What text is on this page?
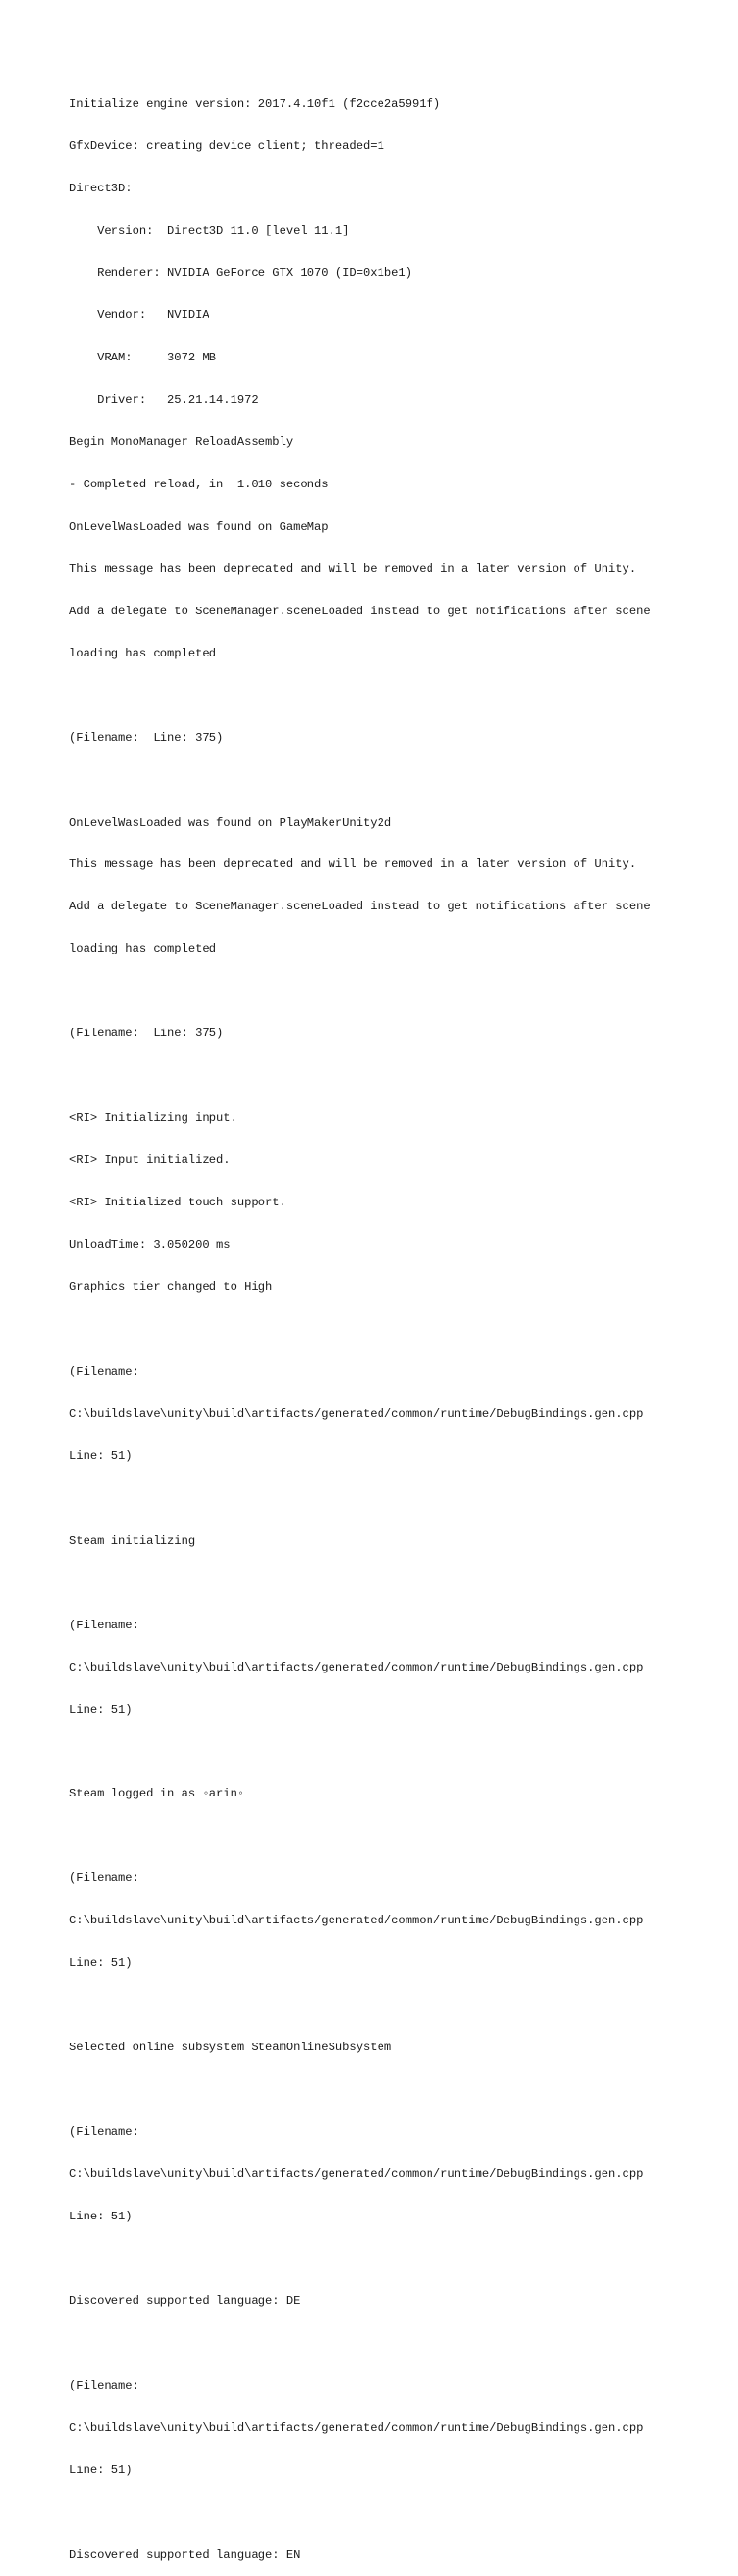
Initialize engine version: 2017.4.10f1 (f2cce2a5991f)

GfxDevice: creating device client; threaded=1

Direct3D:

Version:  Direct3D 11.0 [level 11.1]

Renderer: NVIDIA GeForce GTX 1070 (ID=0x1be1)

Vendor:   NVIDIA

VRAM:     3072 MB

Driver:   25.21.14.1972

Begin MonoManager ReloadAssembly

- Completed reload, in  1.010 seconds

OnLevelWasLoaded was found on GameMap

This message has been deprecated and will be removed in a later version of Unity.

Add a delegate to SceneManager.sceneLoaded instead to get notifications after scene

loading has completed

(Filename:  Line: 375)

OnLevelWasLoaded was found on PlayMakerUnity2d

This message has been deprecated and will be removed in a later version of Unity.

Add a delegate to SceneManager.sceneLoaded instead to get notifications after scene

loading has completed

(Filename:  Line: 375)

<RI> Initializing input.

<RI> Input initialized.

<RI> Initialized touch support.

UnloadTime: 3.050200 ms

Graphics tier changed to High

(Filename:

C:\buildslave\unity\build\artifacts/generated/common/runtime/DebugBindings.gen.cpp

Line: 51)

Steam initializing

(Filename:

C:\buildslave\unity\build\artifacts/generated/common/runtime/DebugBindings.gen.cpp

Line: 51)

Steam logged in as ◦arin◦

(Filename:

C:\buildslave\unity\build\artifacts/generated/common/runtime/DebugBindings.gen.cpp

Line: 51)

Selected online subsystem SteamOnlineSubsystem

(Filename:

C:\buildslave\unity\build\artifacts/generated/common/runtime/DebugBindings.gen.cpp

Line: 51)

Discovered supported language: DE

(Filename:

C:\buildslave\unity\build\artifacts/generated/common/runtime/DebugBindings.gen.cpp

Line: 51)

Discovered supported language: EN
